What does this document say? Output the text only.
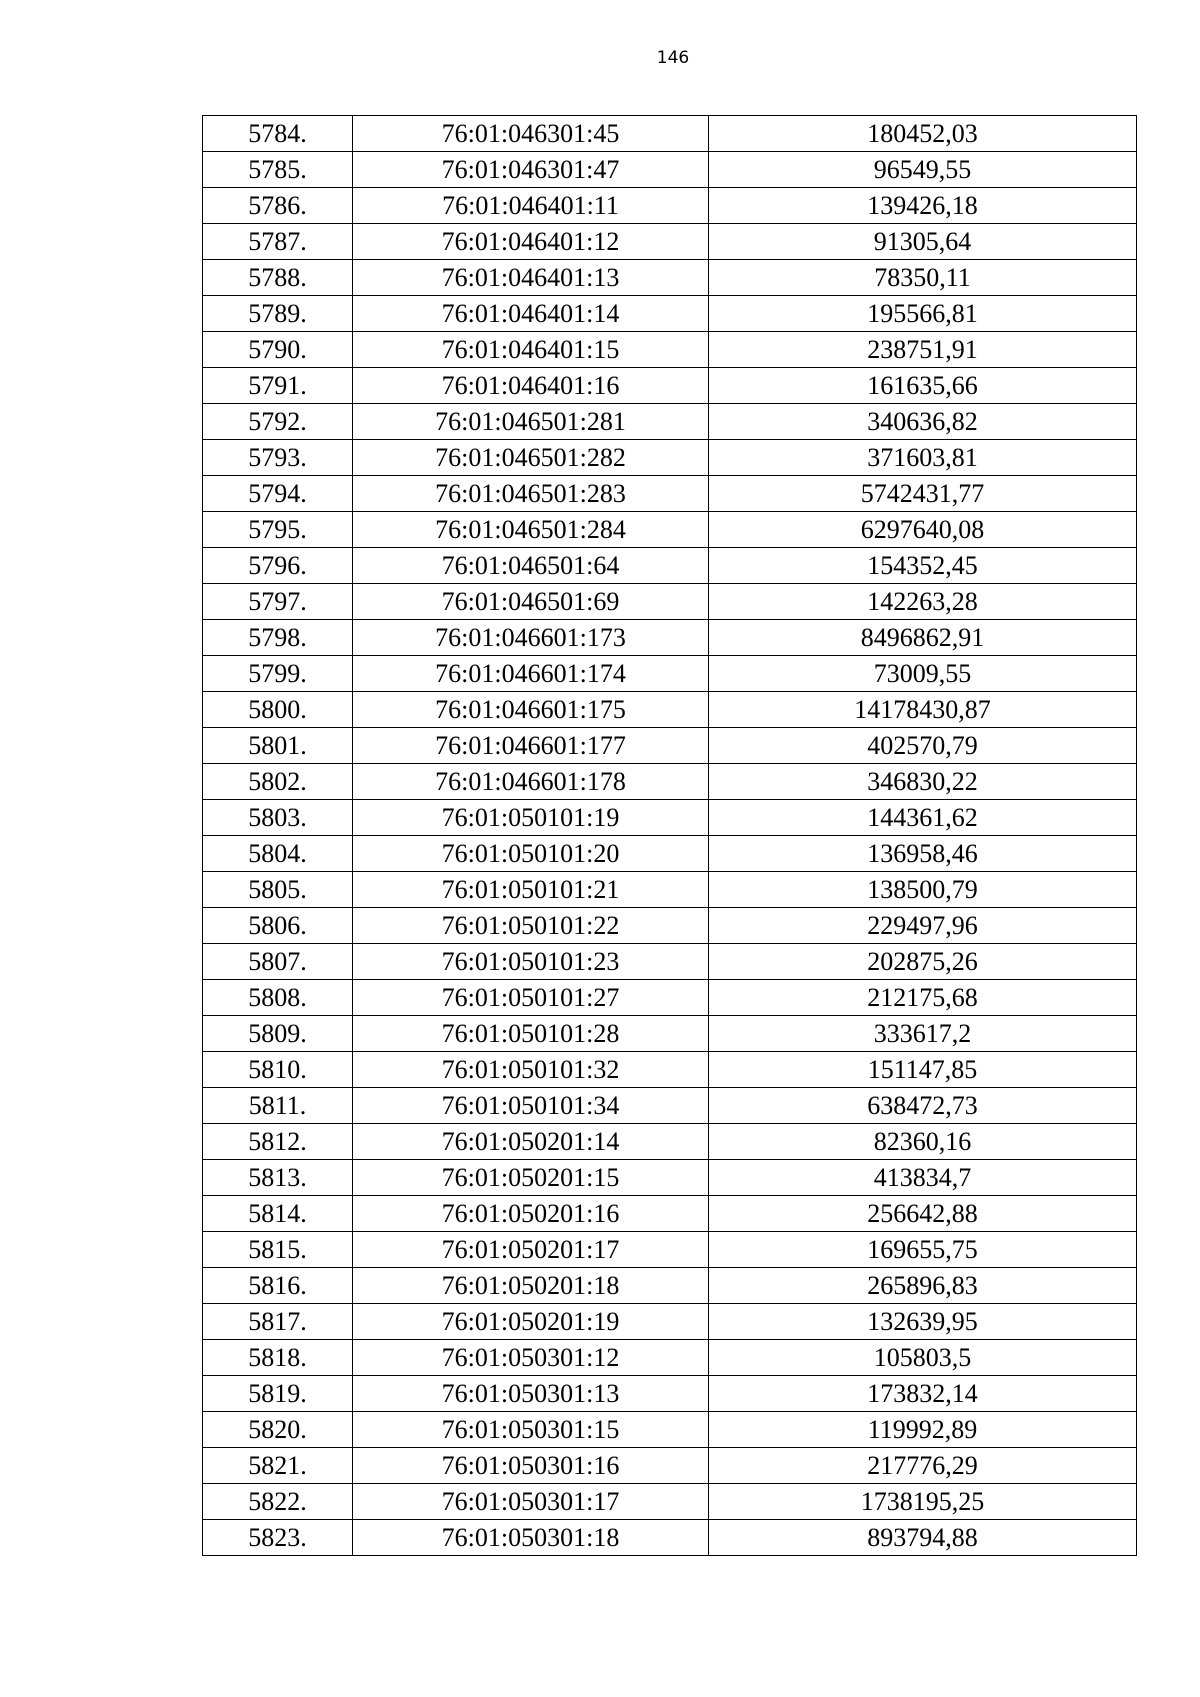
146
5784.	76:01:046301:45	180452,03
5785.	76:01:046301:47	96549,55
5786.	76:01:046401:11	139426,18
5787.	76:01:046401:12	91305,64
5788.	76:01:046401:13	78350,11
5789.	76:01:046401:14	195566,81
5790.	76:01:046401:15	238751,91
5791.	76:01:046401:16	161635,66
5792.	76:01:046501:281	340636,82
5793.	76:01:046501:282	371603,81
5794.	76:01:046501:283	5742431,77
5795.	76:01:046501:284	6297640,08
5796.	76:01:046501:64	154352,45
5797.	76:01:046501:69	142263,28
5798.	76:01:046601:173	8496862,91
5799.	76:01:046601:174	73009,55
5800.	76:01:046601:175	14178430,87
5801.	76:01:046601:177	402570,79
5802.	76:01:046601:178	346830,22
5803.	76:01:050101:19	144361,62
5804.	76:01:050101:20	136958,46
5805.	76:01:050101:21	138500,79
5806.	76:01:050101:22	229497,96
5807.	76:01:050101:23	202875,26
5808.	76:01:050101:27	212175,68
5809.	76:01:050101:28	333617,2
5810.	76:01:050101:32	151147,85
5811.	76:01:050101:34	638472,73
5812.	76:01:050201:14	82360,16
5813.	76:01:050201:15	413834,7
5814.	76:01:050201:16	256642,88
5815.	76:01:050201:17	169655,75
5816.	76:01:050201:18	265896,83
5817.	76:01:050201:19	132639,95
5818.	76:01:050301:12	105803,5
5819.	76:01:050301:13	173832,14
5820.	76:01:050301:15	119992,89
5821.	76:01:050301:16	217776,29
5822.	76:01:050301:17	1738195,25
5823.	76:01:050301:18	893794,88
